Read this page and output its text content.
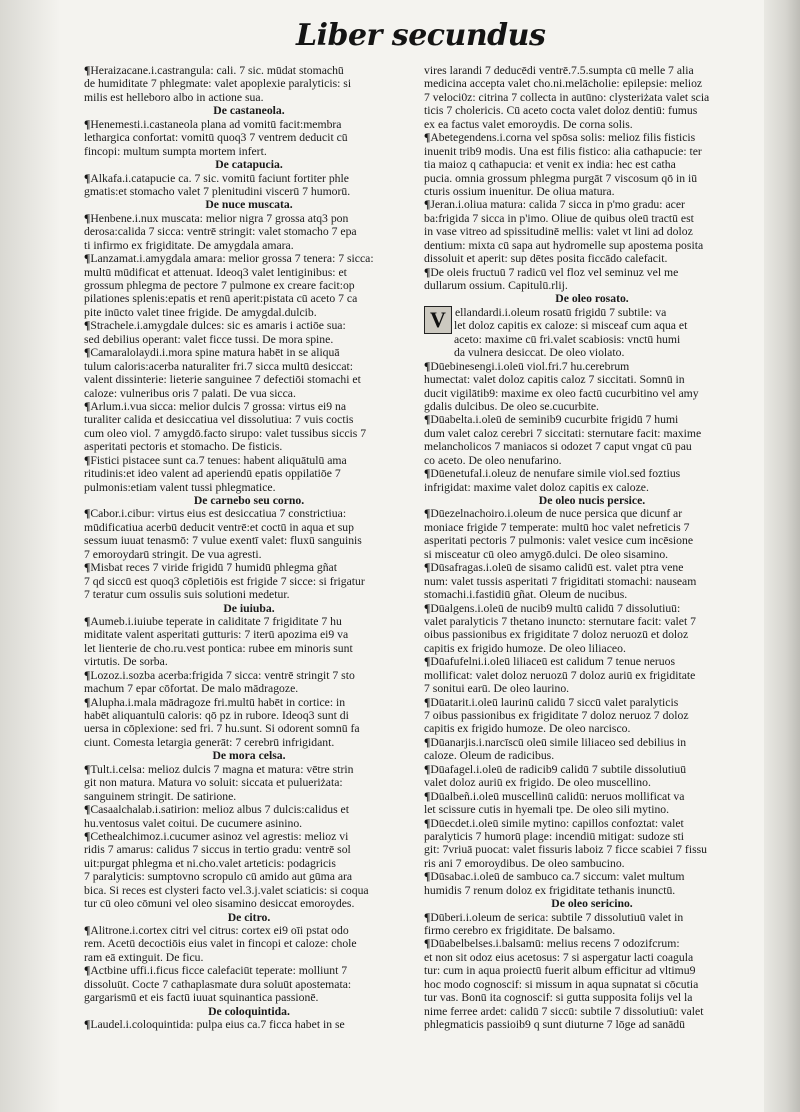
Liber secundus
¶ Heraizacane.i.castrangula: cali. 7 sic. mūdat stomachū
de humiditate 7 phlegmate: valet apoplexie paralyticis: si
milis est helleboro albo in actione sua.
De castaneola.
¶ Henemesti.i.castaneola plana ad vomitū facit:membra
lethargica confortat: vomitū quoq3 7 ventrem deducit cū
fincopi: multum sumpta mortem infert.
De catapucia.
¶ Alkafa.i.catapucie ca. 7 sic. vomitū faciunt fortiter phle
gmatis:et stomacho valet 7 plenitudini viscerū 7 humorū.
De nuce muscata.
¶ Henbene.i.nux muscata: melior nigra 7 grossa atq3 pon
derosa:calida 7 sicca: ventrē stringit: valet stomacho 7 epa
ti infirmo ex frigiditate. De amygdala amara.
¶ Lanzamat.i.amygdala amara: melior grossa 7 tenera: 7 sicca:
multū mūdificat et attenuat. Ideoq3 valet lentiginibus: et
grossum phlegma de pectore 7 pulmone ex creare facit:op
pilationes splenis:epatis et renū aperit:pistata cū aceto 7 ca
pite inūcto valet tinee frigide. De amygdal.dulcib.
¶ Strachele.i.amygdale dulces: sic es amaris i actiōe sua:
sed debilius operant: valet ficce tussi. De mora spine.
¶ Camaralolaydi.i.mora spine matura habēt in se aliquā
tulum caloris:acerba naturaliter fri.7 sicca multū desiccat:
valent dissinterie: lieterie sanguinee 7 defectiōi stomachi et
caloze: vulneribus oris 7 palati. De vua sicca.
¶ Arlum.i.vua sicca: melior dulcis 7 grossa: virtus ei9 na
turaliter calida et desiccatiua vel dissolutiua: 7 vuis coctis
cum oleo viol. 7 amygdō.facto sirupo: valet tussibus siccis 7
asperitati pectoris et stomacho. De fisticis.
¶ Fistici pistacee sunt ca.7 tenues: habent aliquātulū ama
ritudinis:et ideo valent ad aperiendū epatis oppilatiōe 7
pulmonis:etiam valent tussi phlegmatice.
De carnebo seu corno.
¶ Cabor.i.cibur: virtus eius est desiccatiua 7 constrictiua:
mūdificatiua acerbū deducit ventrē:et coctū in aqua et sup
sessum iuuat tenasmō: 7 vulue exentī valet: fluxū sanguinis
7 emoroydarū stringit. De vua agresti.
¶ Misbat reces 7 viride frigidū 7 humidū phlegma gñat
7 qd siccū est quoq3 cōpletiōis est frigide 7 sicce: si frigatur
7 teratur cum ossulis suis solutioni medetur.
De iuiuba.
¶ Aumeb.i.iuiube teperate in caliditate 7 frigiditate 7 hu
miditate valent asperitati gutturis: 7 iterū apozima ei9 va
let lienterie de cho.ru.vest pontica: rubee em minoris sunt
virtutis. De sorba.
¶ Lozoz.i.sozba acerba:frigida 7 sicca: ventrē stringit 7 sto
machum 7 epar cōfortat. De malo mādragoze.
¶ Alupha.i.mala mādragoze fri.multū habēt in cortice: in
habēt aliquantulū caloris: qō pz in rubore. Ideoq3 sunt di
uersa in cōplexione: sed fri. 7 hu.sunt. Si odorent somnū fa
ciunt. Comesta letargia generāt: 7 cerebrū infrigidant.
De mora celsa.
¶ Tult.i.celsa: melioz dulcis 7 magna et matura: vētre strin
git non matura. Matura vo soluit: siccata et pulueriżata:
sanguinem stringit. De satirione.
¶ Casaalchalab.i.satirion: melioz albus 7 dulcis:calidus et
hu.ventosus valet coitui. De cucumere asinino.
¶ Cethealchimoz.i.cucumer asinoz vel agrestis: melioz vi
ridis 7 amarus: calidus 7 siccus in tertio gradu: ventrē sol
uit:purgat phlegma et ni.cho.valet arteticis: podagricis
7 paralyticis: sumptovno scropulo cū amido aut gūma ara
bica. Si reces est clysteri facto vel.3.j.valet sciaticis: si coqua
tur cū oleo cōmuni vel oleo sisamino desiccat emoroydes.
De citro.
¶ Alitrone.i.cortex citri vel citrus: cortex ei9 oīi pstat odo
rem. Acetū decoctiōis eius valet in fincopi et caloze: chole
ram eā extinguit. De ficu.
¶ Actbine uffi.i.ficus ficce calefaciūt teperate: molliunt 7
dissoluūt. Cocte 7 cathaplasmate dura soluūt apostemata:
gargarismū et eis factū iuuat squinantica passionē.
De coloquintida.
¶ Laudel.i.coloquintida: pulpa eius ca.7 ficca habet in se
vires larandi 7 deducēdi ventrē.7.5.sumpta cū melle 7 alia
medicina accepta valet cho.ni.melācholie: epilepsie: melioz
7 veloci0z: citrina 7 collecta in autūno: clysteriżata valet scia
ticis 7 cholericis. Cū aceto cocta valet doloz dentiū: fumus
ex ea factus valet emoroydis. De corna solis.
¶ Abetegendens.i.corna vel spōsa solis: melioz filis fisticis
inuenit trib9 modis. Una est filis fistico: alia cathapucie: ter
tia maioz q cathapucia: et venit ex india: hec est catha
pucia. omnia grossum phlegma purgāt 7 viscosum qō in iū
cturis ossium inuenitur. De oliua matura.
¶ Jeran.i.oliua matura: calida 7 sicca in p'mo gradu: acer
ba:frigida 7 sicca in p'imo. Oliue de quibus oleū tractū est
in vase vitreo ad spissitudinē mellis: valet vt lini ad doloz
dentium: mixta cū sapa aut hydromelle sup apostema posita
dissoluit et aperit: sup dētes posita ficcādo calefacit.
¶ De oleis fructuū 7 radicū vel floz vel seminuz vel me
dullarum ossium. Capitulū.rlij.
De oleo rosato.
V ellandardi.i.oleum rosatū frigidū 7 subtile: va
let doloz capitis ex caloze: si misceaf cum aqua et
aceto: maxime cū fri.valet scabiosis: vnctū humi
da vulnera desiccat. De oleo violato.
¶ Dūebinesengi.i.oleū viol.fri.7 hu.cerebrum
humectat: valet doloz capitis caloz 7 siccitati. Somnū in
ducit vigilātib9: maxime ex oleo factū cucurbitino vel amy
gdalis dulcibus. De oleo se.cucurbite.
¶ Dūabelta.i.oleū de seminib9 cucurbite frigidū 7 humi
dum valet caloz cerebri 7 siccitati: sternutare facit: maxime
melancholicos 7 maniacos si odozet 7 caput vngat cū pau
co aceto. De oleo nenufarino.
¶ Dūenetufal.i.oleuz de nenufare simile viol.sed foztius
infrigidat: maxime valet doloz capitis ex caloze.
De oleo nucis persice.
¶ Dūezelnachoiro.i.oleum de nuce persica que dicunf ar
moniace frigide 7 temperate: multū hoc valet nefreticis 7
asperitati pectoris 7 pulmonis: valet vesice cum incēsione
si misceatur cū oleo amygō.dulci. De oleo sisamino.
¶ Dūsafragas.i.oleū de sisamo calidū est. valet ptra vene
num: valet tussis asperitati 7 frigiditati stomachi: nauseam
stomachi.i.fastidiū gñat. Oleum de nucibus.
¶ Dūalgens.i.oleū de nucib9 multū calidū 7 dissolutiuū:
valet paralyticis 7 thetano inuncto: sternutare facit: valet 7
oibus passionibus ex frigiditate 7 doloz neruozū et doloz
capitis ex frigido humoze. De oleo liliaceo.
¶ Dūafufelni.i.oleū liliaceū est calidum 7 tenue neruos
mollificat: valet doloz neruozū 7 doloz auriū ex frigiditate
7 sonitui earū. De oleo laurino.
¶ Dūatarit.i.oleū laurinū calidū 7 siccū valet paralyticis
7 oibus passionibus ex frigiditate 7 doloz neruoz 7 doloz
capitis ex frigido humoze. De oleo narcisco.
¶ Dūanarjis.i.narcīscū oleū simile liliaceo sed debilius in
caloze. Oleum de radicibus.
¶ Dūafagel.i.oleū de radicib9 calidū 7 subtile dissolutiuū
valet doloz auriū ex frigido. De oleo muscellino.
¶ Dūalbeñ.i.oleū muscellinū calidū: neruos mollificat va
let scissure cutis in hyemali tpe. De oleo sili mytino.
¶ Dūecdet.i.oleū simile mytino: capillos confoztat: valet
paralyticis 7 humorū plage: incendiū mitigat: sudoze sti
git: 7vriuā puocat: valet fissuris laboiz 7 ficce scabiei 7 fissu
ris ani 7 emoroydibus. De oleo sambucino.
¶ Dūsabac.i.oleū de sambuco ca.7 siccum: valet multum
humidis 7 renum doloz ex frigiditate tethanis inunctū.
De oleo sericino.
¶ Dūberi.i.oleum de serica: subtile 7 dissolutiuū valet in
firmo cerebro ex frigiditate. De balsamo.
¶ Dūabelbelses.i.balsamū: melius recens 7 odozifcrum:
et non sit odoz eius acetosus: 7 si aspergatur lacti coagula
tur: cum in aqua proiectū fuerit album efficitur ad vltimu9
hoc modo cognoscif: si missum in aqua supnatat si cōcutia
tur vas. Bonū ita cognoscif: si gutta supposita folijs vel la
nime ferree ardet: calidū 7 siccū: subtile 7 dissolutiuū: valet
phlegmaticis passioib9 q sunt diuturne 7 lōge ad sanādū
